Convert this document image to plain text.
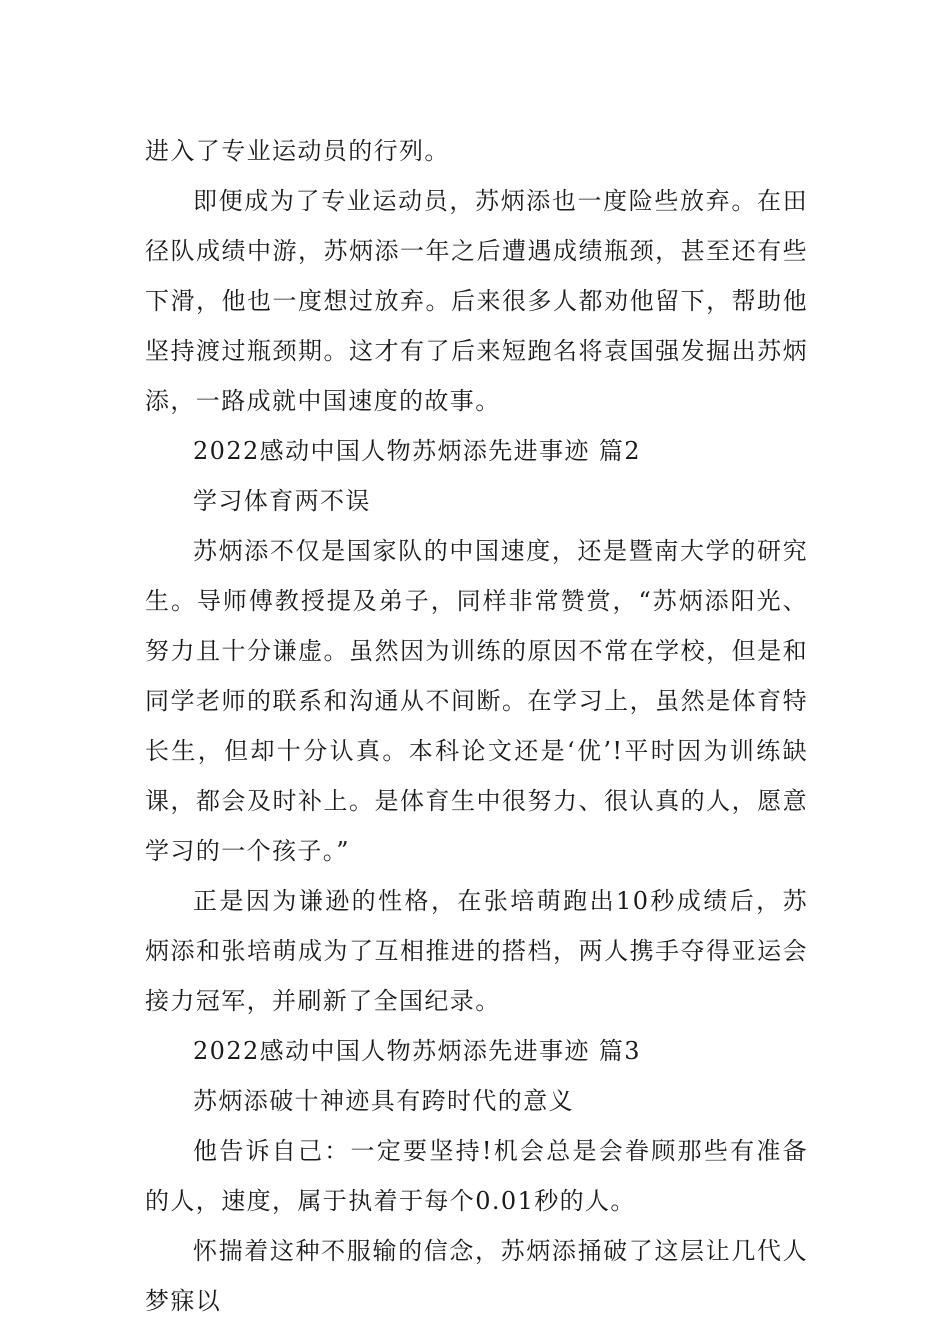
进入了专业运动员的行列。

即便成为了专业运动员，苏炳添也一度险些放弃。在田径队成绩中游，苏炳添一年之后遭遇成绩瓶颈，甚至还有些下滑，他也一度想过放弃。后来很多人都劝他留下，帮助他坚持渡过瓶颈期。这才有了后来短跑名将袁国强发掘出苏炳添，一路成就中国速度的故事。

2022感动中国人物苏炳添先进事迹 篇2

学习体育两不误

苏炳添不仅是国家队的中国速度，还是暨南大学的研究生。导师傅教授提及弟子，同样非常赞赏，“苏炳添阳光、努力且十分谦虚。虽然因为训练的原因不常在学校，但是和同学老师的联系和沟通从不间断。在学习上，虽然是体育特长生，但却十分认真。本科论文还是‘优’!平时因为训练缺课，都会及时补上。是体育生中很努力、很认真的人，愿意学习的一个孩子。”

正是因为谦逊的性格，在张培萌跑出10秒成绩后，苏炳添和张培萌成为了互相推进的搭档，两人携手夺得亚运会接力冠军，并刷新了全国纪录。

2022感动中国人物苏炳添先进事迹 篇3

苏炳添破十神迹具有跨时代的意义

他告诉自己：一定要坚持!机会总是会眷顾那些有准备的人，速度，属于执着于每个0.01秒的人。

怀揣着这种不服输的信念，苏炳添捅破了这层让几代人梦寐以
